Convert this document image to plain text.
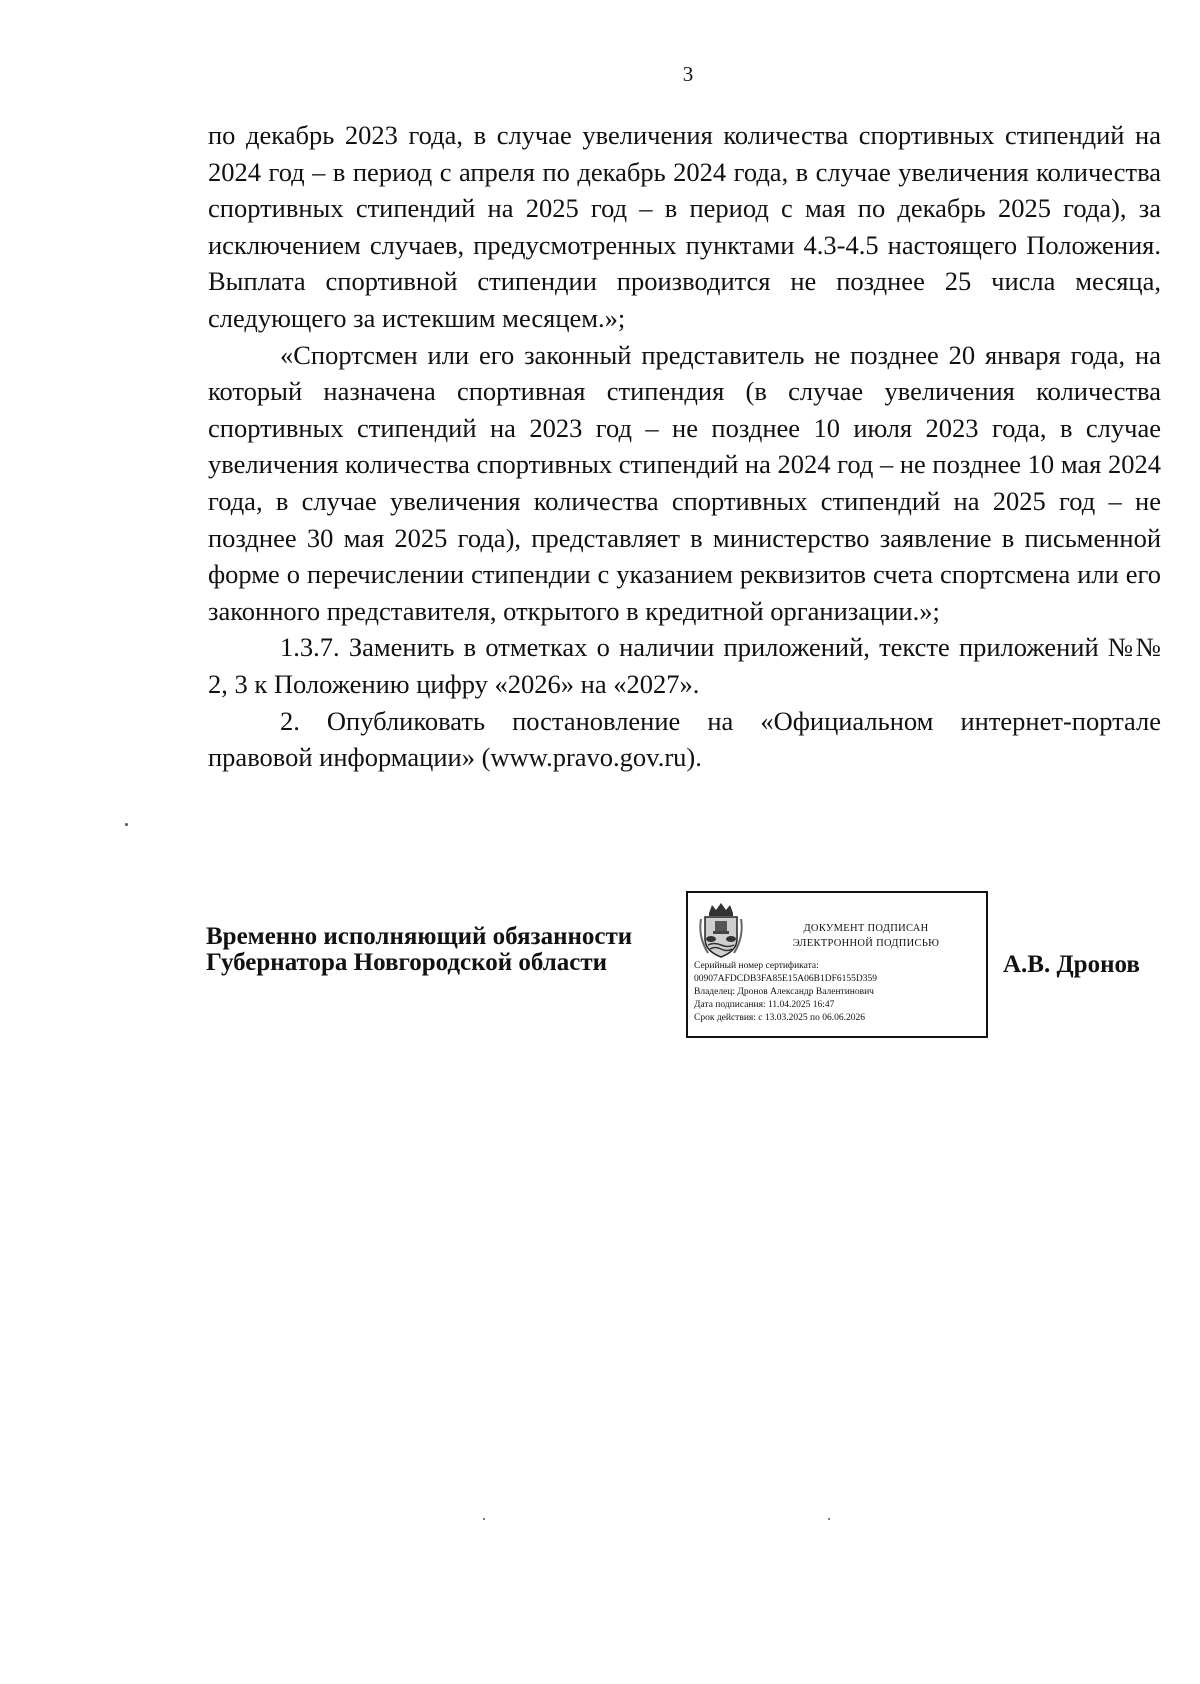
3

по декабрь 2023 года, в случае увеличения количества спортивных стипендий на 2024 год – в период с апреля по декабрь 2024 года, в случае увеличения количества спортивных стипендий на 2025 год – в период с мая по декабрь 2025 года), за исключением случаев, предусмотренных пунктами 4.3-4.5 настоящего Положения. Выплата спортивной стипендии производится не позднее 25 числа месяца, следующего за истекшим месяцем.»;

«Спортсмен или его законный представитель не позднее 20 января года, на который назначена спортивная стипендия (в случае увеличения количества спортивных стипендий на 2023 год – не позднее 10 июля 2023 года, в случае увеличения количества спортивных стипендий на 2024 год – не позднее 10 мая 2024 года, в случае увеличения количества спортивных стипендий на 2025 год – не позднее 30 мая 2025 года), представляет в министерство заявление в письменной форме о перечислении стипендии с указанием реквизитов счета спортсмена или его законного представителя, открытого в кредитной организации.»;

1.3.7. Заменить в отметках о наличии приложений, тексте приложений №№ 2, 3 к Положению цифру «2026» на «2027».

2. Опубликовать постановление на «Официальном интернет-портале правовой информации» (www.pravo.gov.ru).

Временно исполняющий обязанности
Губернатора Новгородской области
ДОКУМЕНТ ПОДПИСАН
ЭЛЕКТРОННОЙ ПОДПИСЬЮ
Серийный номер сертификата:
00907AFDCDB3FA85E15A06B1DF6155D359
Владелец: Дронов Александр Валентинович
Дата подписания: 11.04.2025 16:47
Срок действия: с 13.03.2025 по 06.06.2026
А.В. Дронов
